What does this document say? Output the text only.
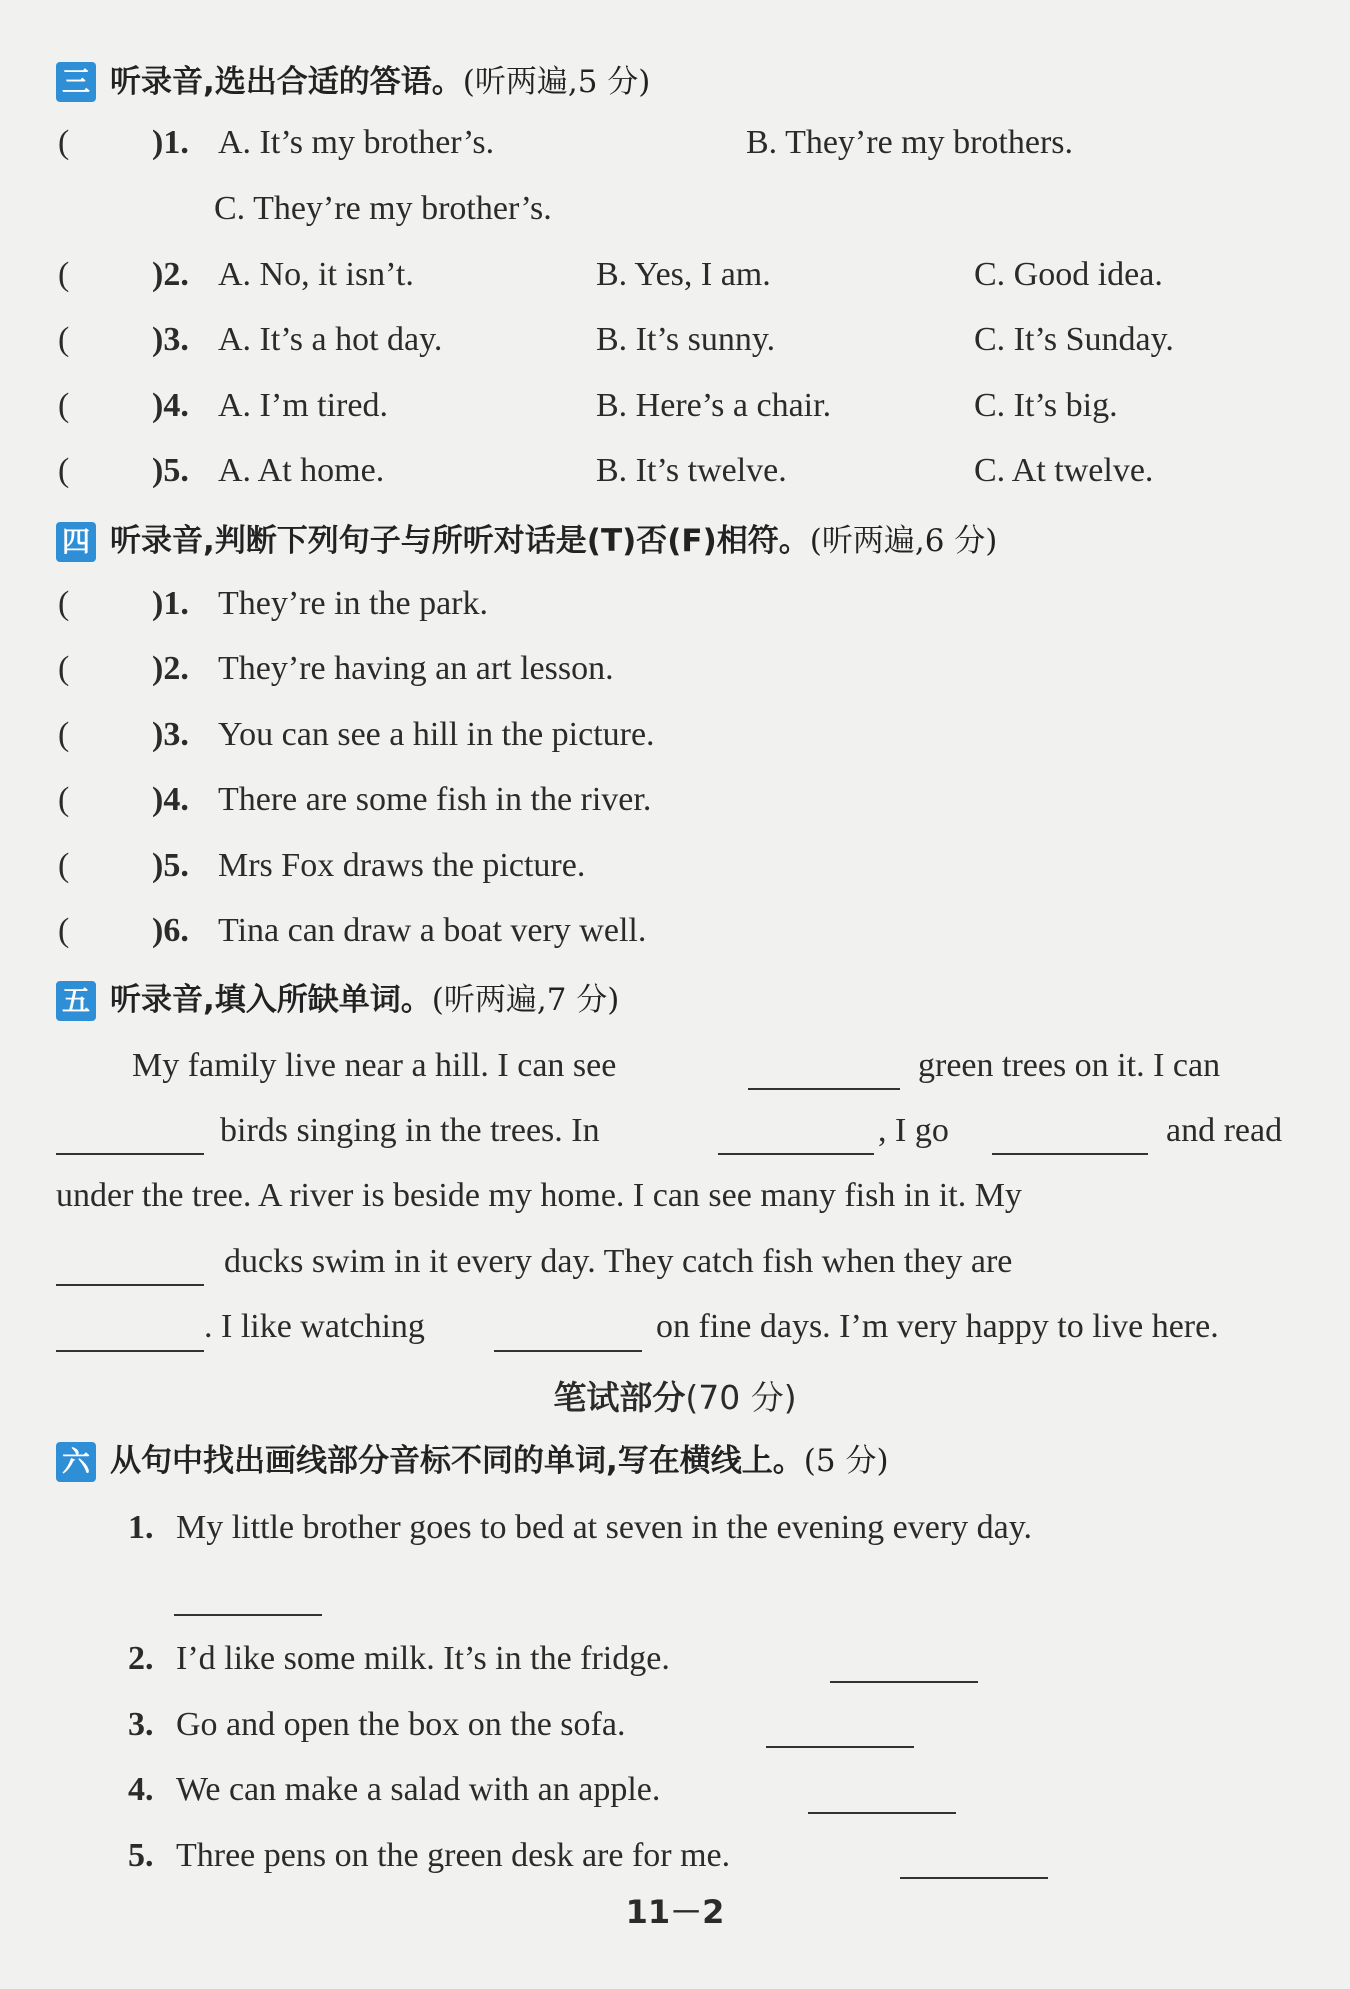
三 听录音,选出合适的答语。(听两遍,5 分)
( )1. A. It’s my brother’s.	B. They’re my brothers.
C. They’re my brother’s.
( )2. A. No, it isn’t.	B. Yes, I am.	C. Good idea.
( )3. A. It’s a hot day.	B. It’s sunny.	C. It’s Sunday.
( )4. A. I’m tired.	B. Here’s a chair.	C. It’s big.
( )5. A. At home.	B. It’s twelve.	C. At twelve.
四 听录音,判断下列句子与所听对话是(T)否(F)相符。(听两遍,6 分)
( )1. They’re in the park.
( )2. They’re having an art lesson.
( )3. You can see a hill in the picture.
( )4. There are some fish in the river.
( )5. Mrs Fox draws the picture.
( )6. Tina can draw a boat very well.
五 听录音,填入所缺单词。(听两遍,7 分)
My family live near a hill. I can see	green trees on it. I can
birds singing in the trees. In	, I go	and read
under the tree. A river is beside my home. I can see many fish in it. My
ducks swim in it every day. They catch fish when they are
. I like watching	on fine days. I’m very happy to live here.
笔试部分(70 分)
六 从句中找出画线部分音标不同的单词,写在横线上。(5 分)
1. My little brother goes to bed at seven in the evening every day.
2. I’d like some milk. It’s in the fridge.
3. Go and open the box on the sofa.
4. We can make a salad with an apple.
5. Three pens on the green desk are for me.
11－2
